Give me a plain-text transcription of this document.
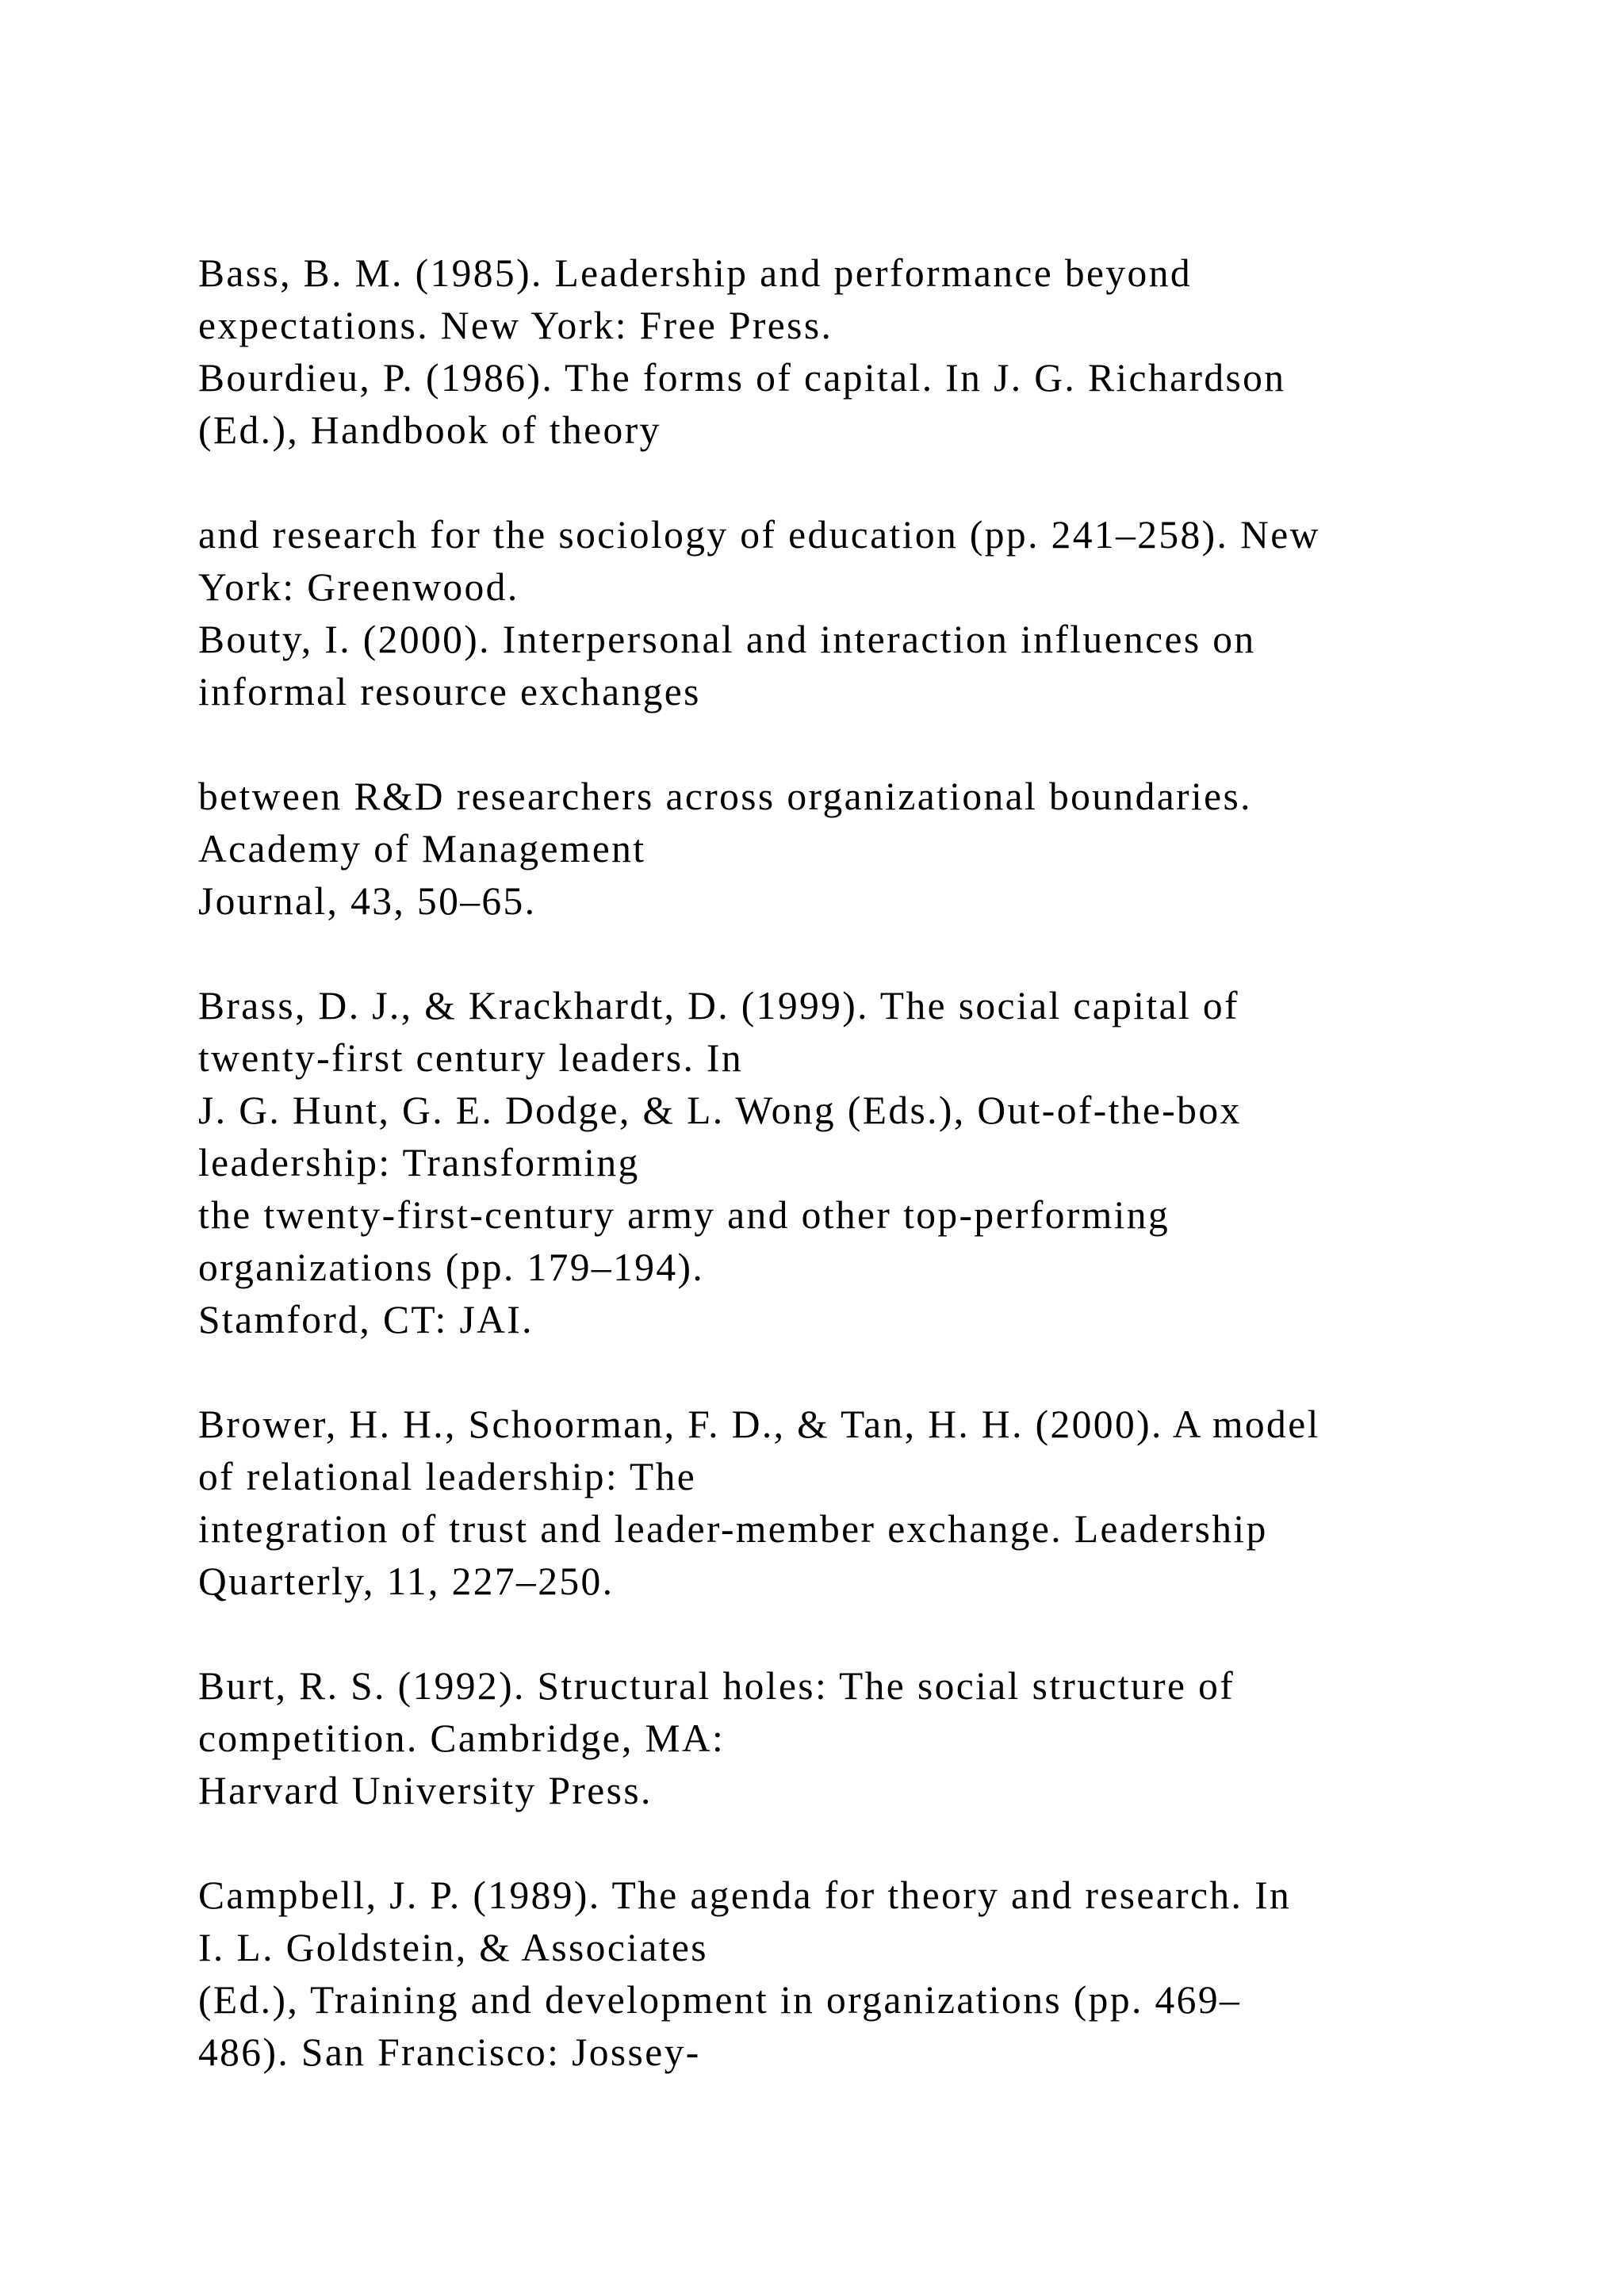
Bass, B. M. (1985). Leadership and performance beyond
expectations. New York: Free Press.
Bourdieu, P. (1986). The forms of capital. In J. G. Richardson
(Ed.), Handbook of theory
and research for the sociology of education (pp. 241–258). New
York: Greenwood.
Bouty, I. (2000). Interpersonal and interaction influences on
informal resource exchanges
between R&D researchers across organizational boundaries.
Academy of Management
Journal, 43, 50–65.
Brass, D. J., & Krackhardt, D. (1999). The social capital of
twenty-first century leaders. In
J. G. Hunt, G. E. Dodge, & L. Wong (Eds.), Out-of-the-box
leadership: Transforming
the twenty-first-century army and other top-performing
organizations (pp. 179–194).
Stamford, CT: JAI.
Brower, H. H., Schoorman, F. D., & Tan, H. H. (2000). A model
of relational leadership: The
integration of trust and leader-member exchange. Leadership
Quarterly, 11, 227–250.
Burt, R. S. (1992). Structural holes: The social structure of
competition. Cambridge, MA:
Harvard University Press.
Campbell, J. P. (1989). The agenda for theory and research. In
I. L. Goldstein, & Associates
(Ed.), Training and development in organizations (pp. 469–
486). San Francisco: Jossey-
